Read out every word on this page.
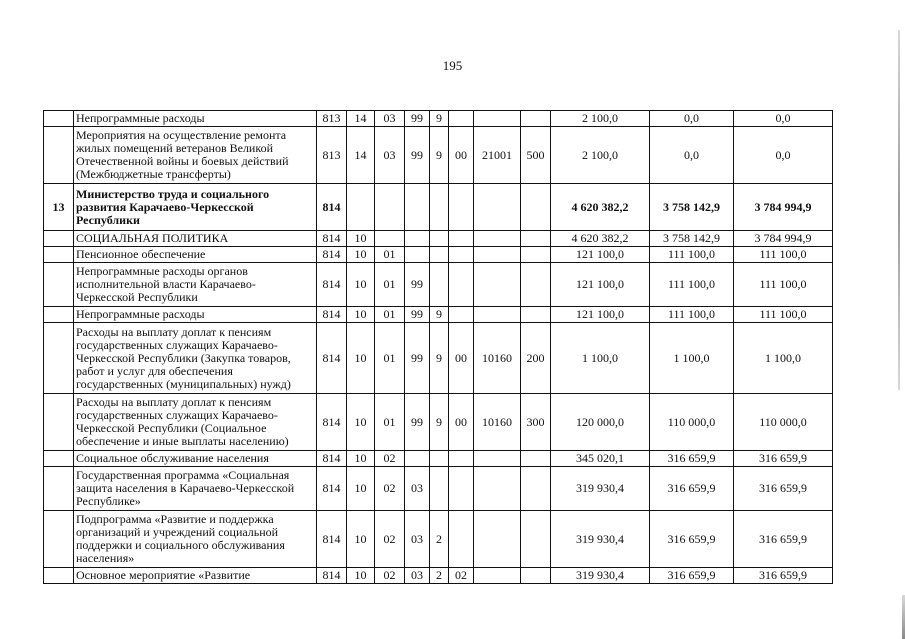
195
	Непрограммные расходы	813	14	03	99	9				2 100,0	0,0	0,0
	Мероприятия на осуществление ремонта жилых помещений ветеранов Великой Отечественной войны и боевых действий (Межбюджетные трансферты)	813	14	03	99	9	00	21001	500	2 100,0	0,0	0,0
13	Министерство труда и социального развития Карачаево-Черкесской Республики	814								4 620 382,2	3 758 142,9	3 784 994,9
	СОЦИАЛЬНАЯ ПОЛИТИКА	814	10							4 620 382,2	3 758 142,9	3 784 994,9
	Пенсионное обеспечение	814	10	01						121 100,0	111 100,0	111 100,0
	Непрограммные расходы органов исполнительной власти Карачаево-Черкесской Республики	814	10	01	99					121 100,0	111 100,0	111 100,0
	Непрограммные расходы	814	10	01	99	9				121 100,0	111 100,0	111 100,0
	Расходы на выплату доплат к пенсиям государственных служащих Карачаево-Черкесской Республики (Закупка товаров, работ и услуг для обеспечения государственных (муниципальных) нужд)	814	10	01	99	9	00	10160	200	1 100,0	1 100,0	1 100,0
	Расходы на выплату доплат к пенсиям государственных служащих Карачаево-Черкесской Республики (Социальное обеспечение и иные выплаты населению)	814	10	01	99	9	00	10160	300	120 000,0	110 000,0	110 000,0
	Социальное обслуживание населения	814	10	02						345 020,1	316 659,9	316 659,9
	Государственная программа «Социальная защита населения в Карачаево-Черкесской Республике»	814	10	02	03					319 930,4	316 659,9	316 659,9
	Подпрограмма «Развитие и поддержка организаций и учреждений социальной поддержки и социального обслуживания населения»	814	10	02	03	2				319 930,4	316 659,9	316 659,9
	Основное мероприятие «Развитие	814	10	02	03	2	02			319 930,4	316 659,9	316 659,9
